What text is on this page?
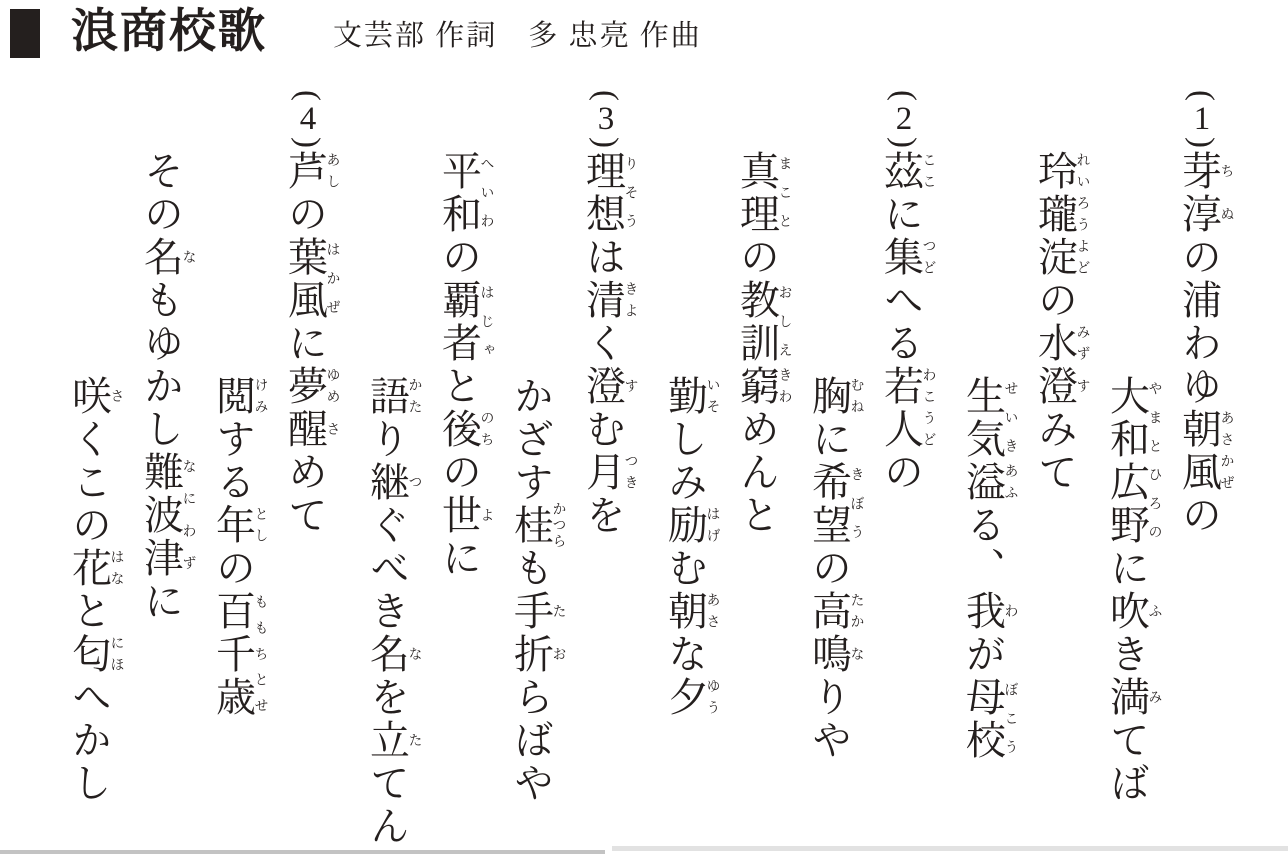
浪商校歌 文芸部 作詞　多 忠亮 作曲
(1)
芽淳ちぬの浦わゆ朝風あさかぜの
大和広野やまとひろのに吹ふき満みてば
玲瓏淀れいろうよどの水みず澄すみて
生気せいき溢あふる、我わが母校ぼこう
(2)
茲ここに集つどへる若人わこうどの
胸むねに希望きぼうの高たか鳴なりや
真理まことの教訓おしえ窮きわめんと
勤いそしみ励はげむ朝あさな夕ゆう
(3)
理想りそうは清きよく澄すむ月つきを
かざす桂かつらも手た折おらばや
平和へいわの覇者はじゃと後のちの世よに
語かたり継つぐべき名なを立たてん
(4)
芦あしの葉風はかぜに夢ゆめ醒さめて
閲けみする年としの百千歳ももちとせ
その名なもゆかし難波津なにわずに
咲さくこの花はなと匂にほへかし
